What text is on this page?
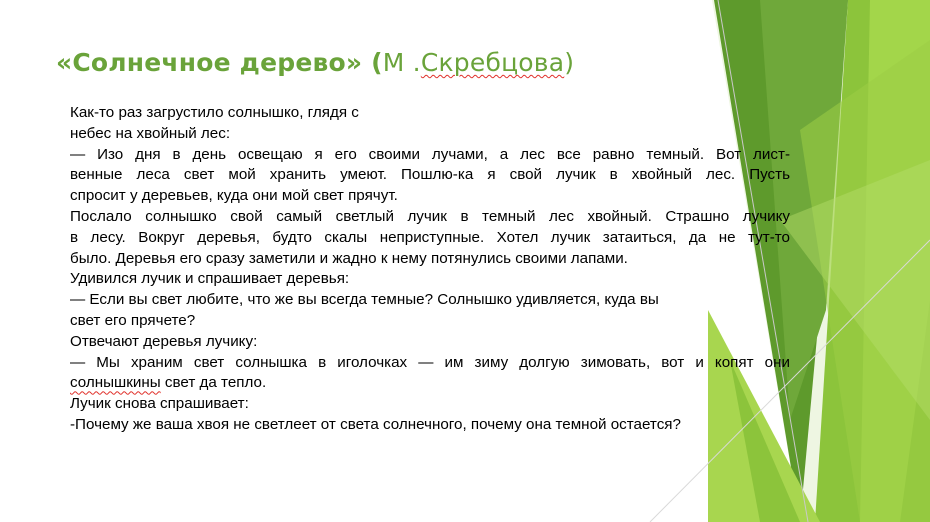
«Солнечное дерево» (М .Скребцова)
Как-то раз загрустило солнышко, глядя с
небес на хвойный лес:
— Изо дня в день освещаю я его своими лучами, а лес все равно темный. Вот лист-
венные леса свет мой хранить умеют. Пошлю-ка я свой лучик в хвойный лес. Пусть
спросит у деревьев, куда они мой свет прячут.
Послало солнышко свой самый светлый лучик в темный лес хвойный. Страшно лучику
в лесу. Вокруг деревья, будто скалы неприступные. Хотел лучик затаиться, да не тут-то
было. Деревья его сразу заметили и жадно к нему потянулись своими лапами.
Удивился лучик и спрашивает деревья:
— Если вы свет любите, что же вы всегда темные? Солнышко удивляется, куда вы
свет его прячете?
Отвечают деревья лучику:
— Мы храним свет солнышка в иголочках — им зиму долгую зимовать, вот и копят они
солнышкины свет да тепло.
Лучик снова спрашивает:
-Почему же ваша хвоя не светлеет от света солнечного, почему она темной остается?
